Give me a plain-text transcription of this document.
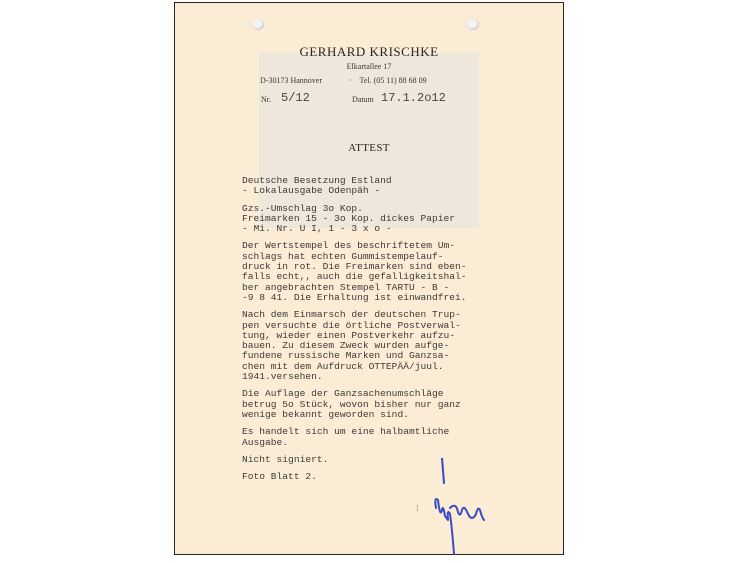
GERHARD KRISCHKE
Elkartallee 17
D-30173 Hannover	· Tel. (05 11) 88 68 09
Nr. 5/12	Datum 17.1.2o12
ATTEST
Deutsche Besetzung Estland
- Lokalausgabe Odenpäh -
Gzs.-Umschlag 3o Kop.
Freimarken 15 - 3o Kop. dickes Papier
- Mi. Nr. U I, 1 - 3 x o -
Der Wertstempel des beschriftetem Um-
schlags hat echten Gummistempelauf-
druck in rot. Die Freimarken sind eben-
falls echt,, auch die gefalligkeitshal-
ber angebrachten Stempel TARTU - B -
-9 8 41. Die Erhaltung ist einwandfrei.
Nach dem Einmarsch der deutschen Trup-
pen versuchte die örtliche Postverwal-
tung, wieder einen Postverkehr aufzu-
bauen. Zu diesem Zweck wurden aufge-
fundene russische Marken und Ganzsa-
chen mit dem Aufdruck OTTEPÄÄ/juul.
1941.versehen.
Die Auflage der Ganzsachenumschläge
betrug 5o Stück, wovon bisher nur ganz
wenige bekannt geworden sind.
Es handelt sich um eine halbamtliche
Ausgabe.
Nicht signiert.
Foto Blatt 2.
1
